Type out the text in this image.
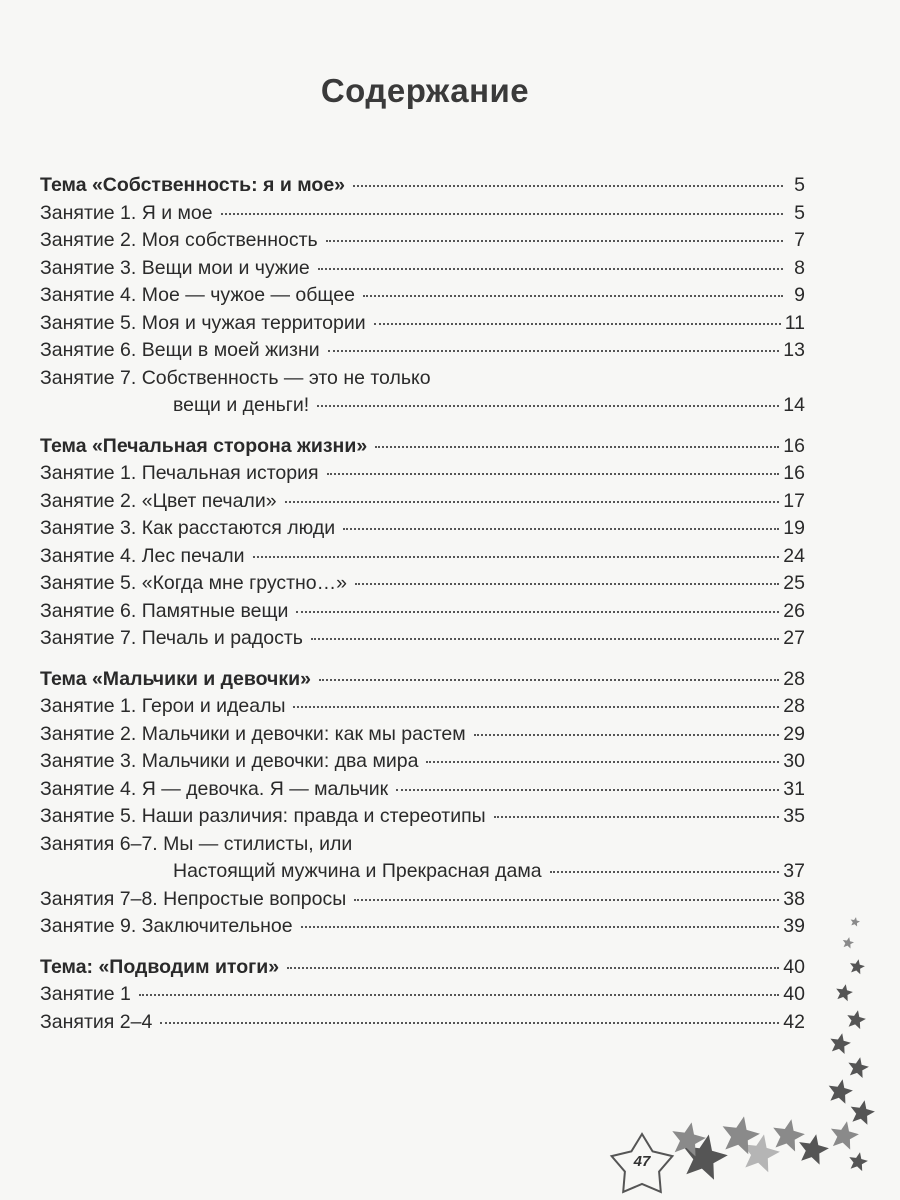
Содержание
Тема «Собственность: я и мое»	5
Занятие 1. Я и мое	5
Занятие 2. Моя собственность	7
Занятие 3. Вещи мои и чужие	8
Занятие 4. Мое — чужое — общее	9
Занятие 5. Моя и чужая территории	11
Занятие 6. Вещи в моей жизни	13
Занятие 7. Собственность — это не только
вещи и деньги!	14
Тема «Печальная сторона жизни»	16
Занятие 1. Печальная история	16
Занятие 2. «Цвет печали»	17
Занятие 3. Как расстаются люди	19
Занятие 4. Лес печали	24
Занятие 5. «Когда мне грустно…»	25
Занятие 6. Памятные вещи	26
Занятие 7. Печаль и радость	27
Тема «Мальчики и девочки»	28
Занятие 1. Герои и идеалы	28
Занятие 2. Мальчики и девочки: как мы растем	29
Занятие 3. Мальчики и девочки: два мира	30
Занятие 4. Я — девочка. Я — мальчик	31
Занятие 5. Наши различия: правда и стереотипы	35
Занятия 6–7. Мы — стилисты, или
Настоящий мужчина и Прекрасная дама	37
Занятия 7–8. Непростые вопросы	38
Занятие 9. Заключительное	39
Тема: «Подводим итоги»	40
Занятие 1	40
Занятия 2–4	42
47
